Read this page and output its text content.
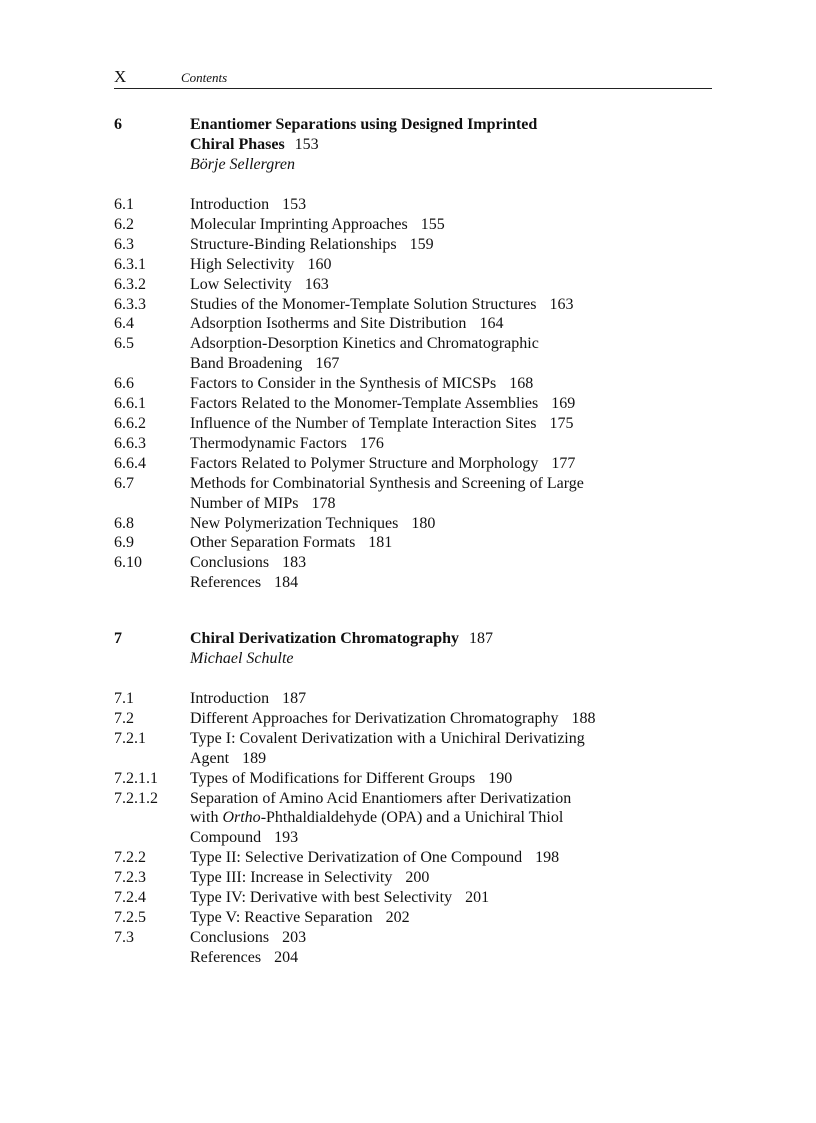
X	Contents
6	Enantiomer Separations using Designed Imprinted
Chiral Phases 153
Börje Sellergren
6.1	Introduction 153
6.2	Molecular Imprinting Approaches 155
6.3	Structure-Binding Relationships 159
6.3.1	High Selectivity 160
6.3.2	Low Selectivity 163
6.3.3	Studies of the Monomer-Template Solution Structures 163
6.4	Adsorption Isotherms and Site Distribution 164
6.5	Adsorption-Desorption Kinetics and Chromatographic
Band Broadening 167
6.6	Factors to Consider in the Synthesis of MICSPs 168
6.6.1	Factors Related to the Monomer-Template Assemblies 169
6.6.2	Influence of the Number of Template Interaction Sites 175
6.6.3	Thermodynamic Factors 176
6.6.4	Factors Related to Polymer Structure and Morphology 177
6.7	Methods for Combinatorial Synthesis and Screening of Large
Number of MIPs 178
6.8	New Polymerization Techniques 180
6.9	Other Separation Formats 181
6.10	Conclusions 183
References 184
7	Chiral Derivatization Chromatography 187
Michael Schulte
7.1	Introduction 187
7.2	Different Approaches for Derivatization Chromatography 188
7.2.1	Type I: Covalent Derivatization with a Unichiral Derivatizing
Agent 189
7.2.1.1 Types of Modifications for Different Groups 190
7.2.1.2 Separation of Amino Acid Enantiomers after Derivatization
with Ortho-Phthaldialdehyde (OPA) and a Unichiral Thiol
Compound 193
7.2.2	Type II: Selective Derivatization of One Compound 198
7.2.3	Type III: Increase in Selectivity 200
7.2.4	Type IV: Derivative with best Selectivity 201
7.2.5	Type V: Reactive Separation 202
7.3	Conclusions 203
References 204
